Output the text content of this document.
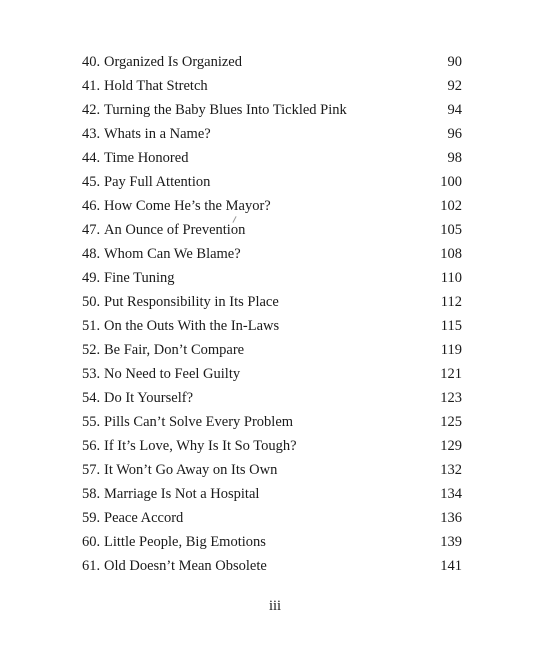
40. Organized Is Organized	90
41. Hold That Stretch	92
42. Turning the Baby Blues Into Tickled Pink	94
43. Whats in a Name?	96
44. Time Honored	98
45. Pay Full Attention	100
46. How Come He’s the Mayor?	102
47. An Ounce of Prevention	105
48. Whom Can We Blame?	108
49. Fine Tuning	110
50. Put Responsibility in Its Place	112
51. On the Outs With the In-Laws	115
52. Be Fair, Don’t Compare	119
53. No Need to Feel Guilty	121
54. Do It Yourself?	123
55. Pills Can’t Solve Every Problem	125
56. If It’s Love, Why Is It So Tough?	129
57. It Won’t Go Away on Its Own	132
58. Marriage Is Not a Hospital	134
59. Peace Accord	136
60. Little People, Big Emotions	139
61. Old Doesn’t Mean Obsolete	141
iii
